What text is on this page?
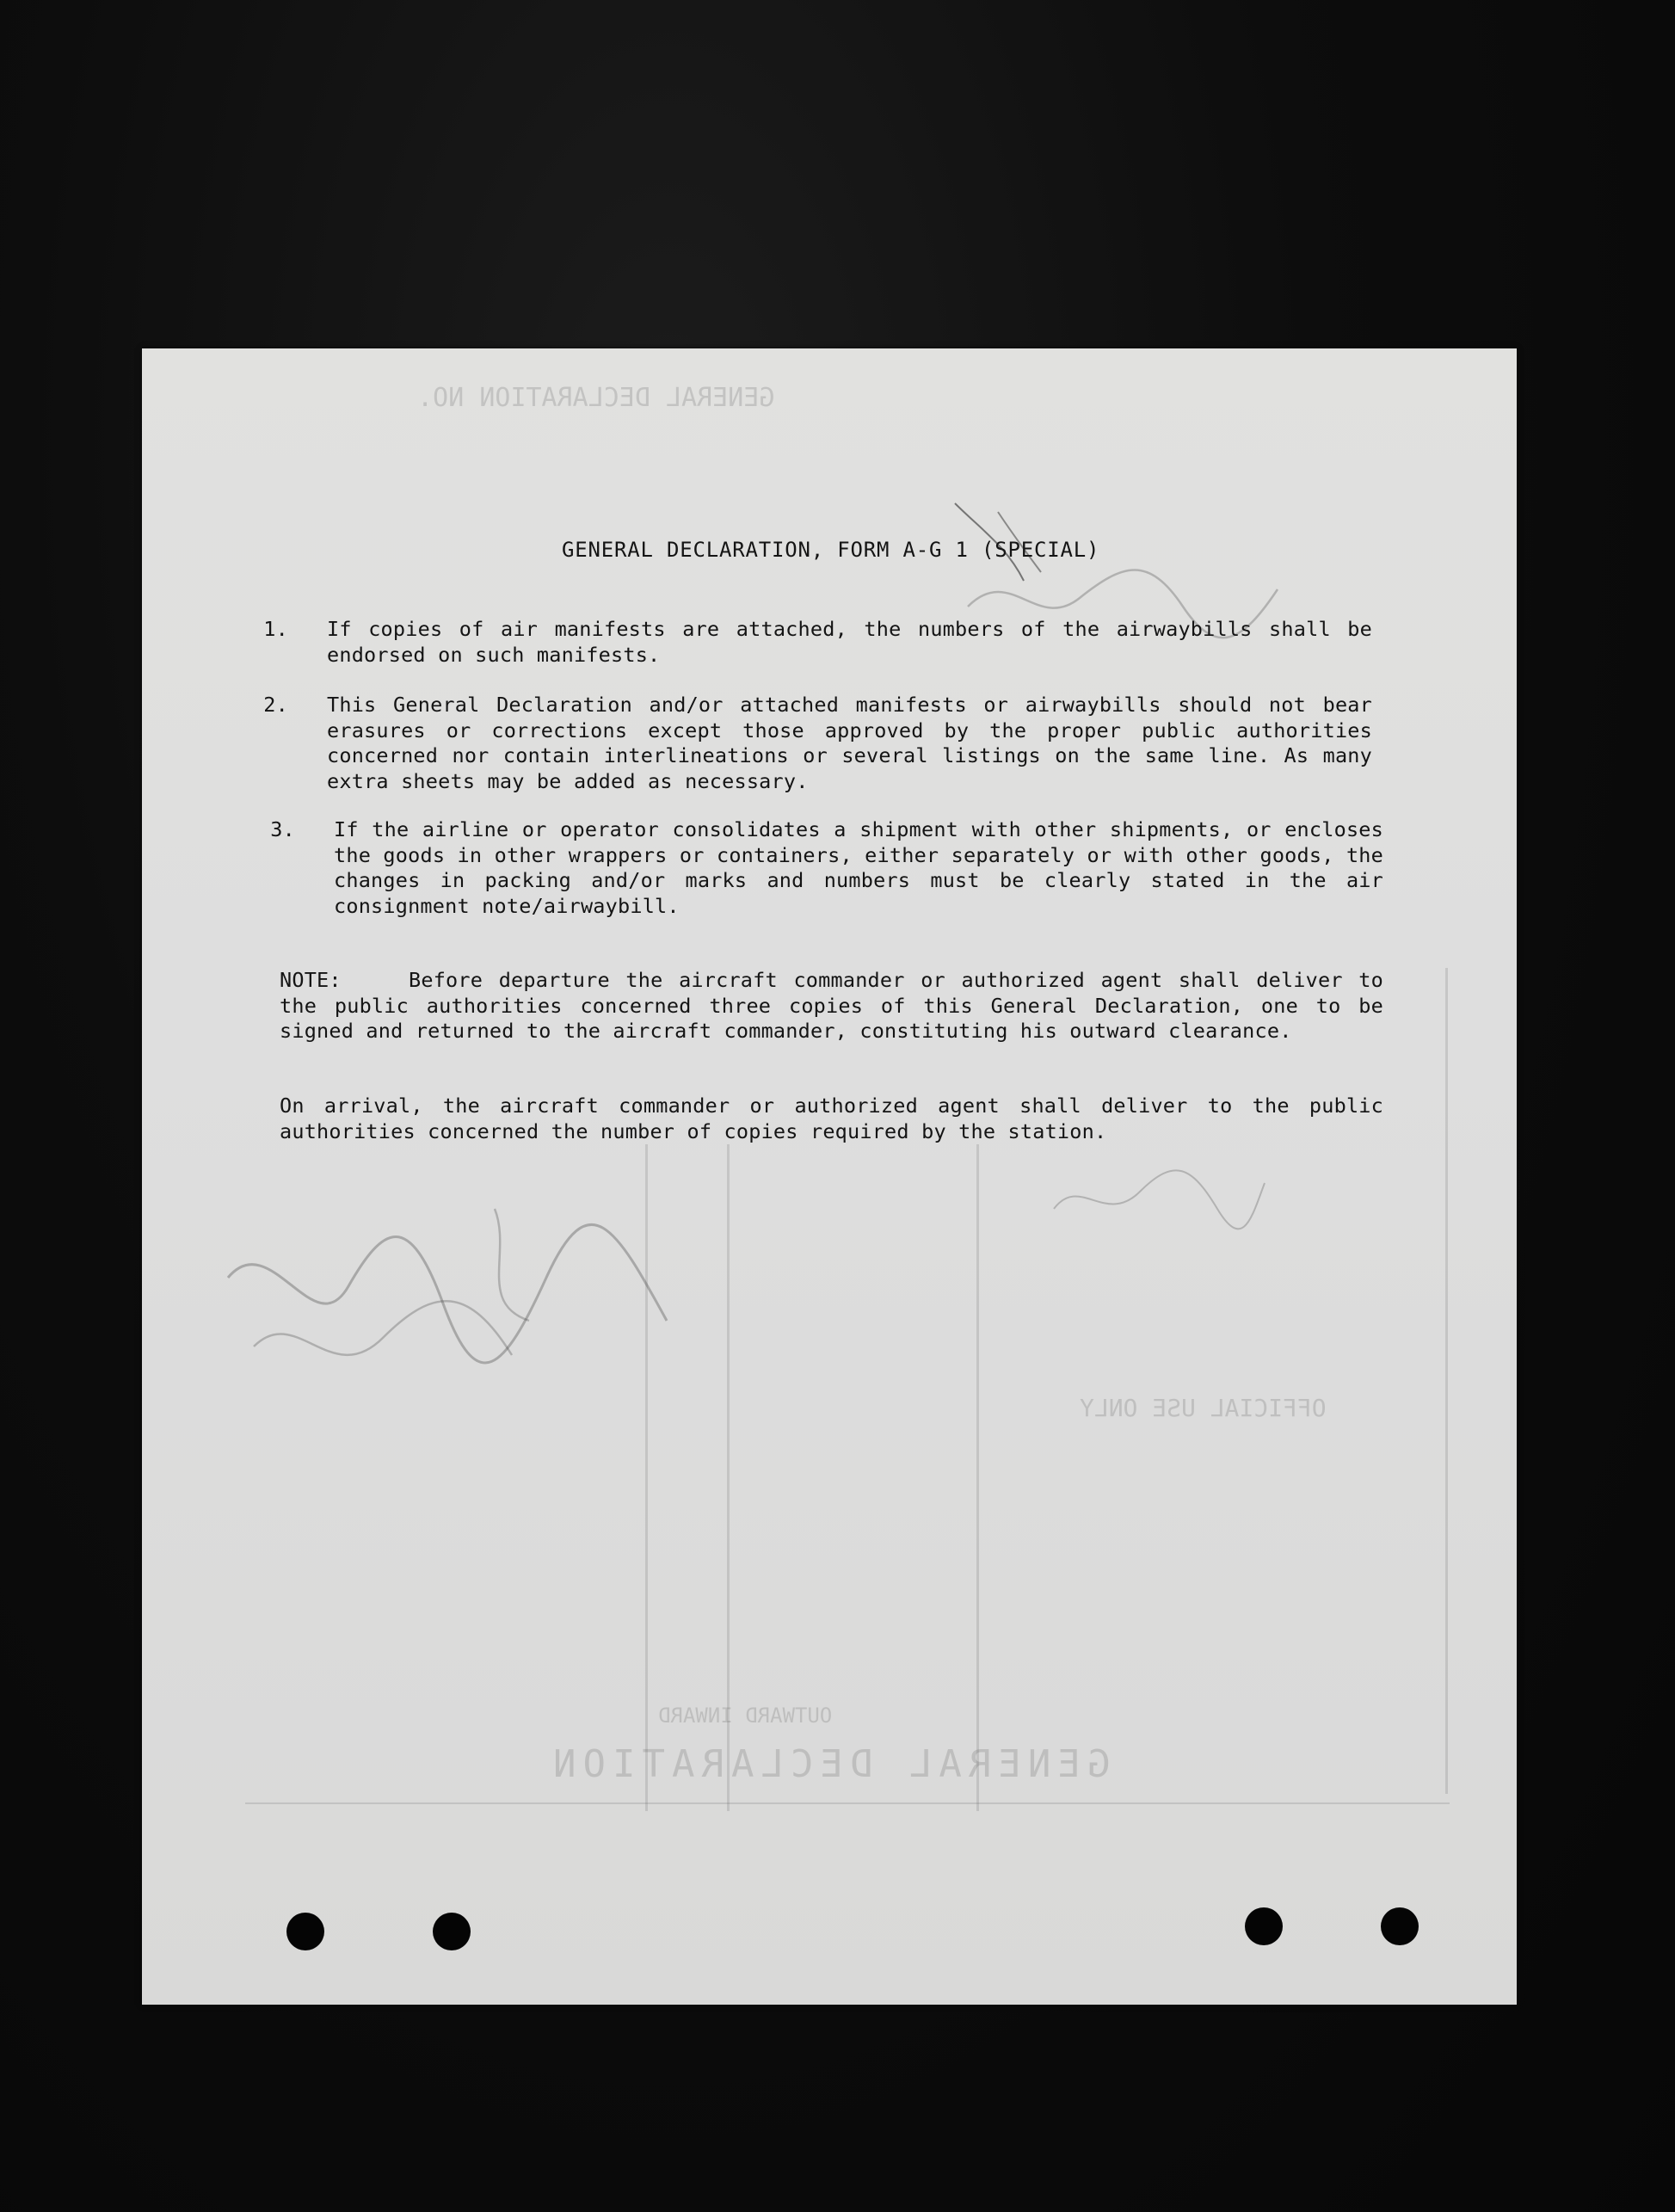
GENERAL DECLARATION NO.
GENERAL DECLARATION
OUTWARD INWARD
OFFICIAL USE ONLY
GENERAL DECLARATION, FORM A-G 1 (SPECIAL)
1. If copies of air manifests are attached, the numbers of the airwaybills shall be endorsed on such manifests.
2. This General Declaration and/or attached manifests or airwaybills should not bear erasures or corrections except those approved by the proper public authorities concerned nor contain interlineations or several listings on the same line. As many extra sheets may be added as necessary.
3. If the airline or operator consolidates a shipment with other shipments, or encloses the goods in other wrappers or containers, either separately or with other goods, the changes in packing and/or marks and numbers must be clearly stated in the air consignment note/airwaybill.
NOTE:	Before departure the aircraft commander or authorized agent shall deliver to the public authorities concerned three copies of this General Declaration, one to be signed and returned to the aircraft commander, constituting his outward clearance.
On arrival, the aircraft commander or authorized agent shall deliver to the public authorities concerned the number of copies required by the station.
